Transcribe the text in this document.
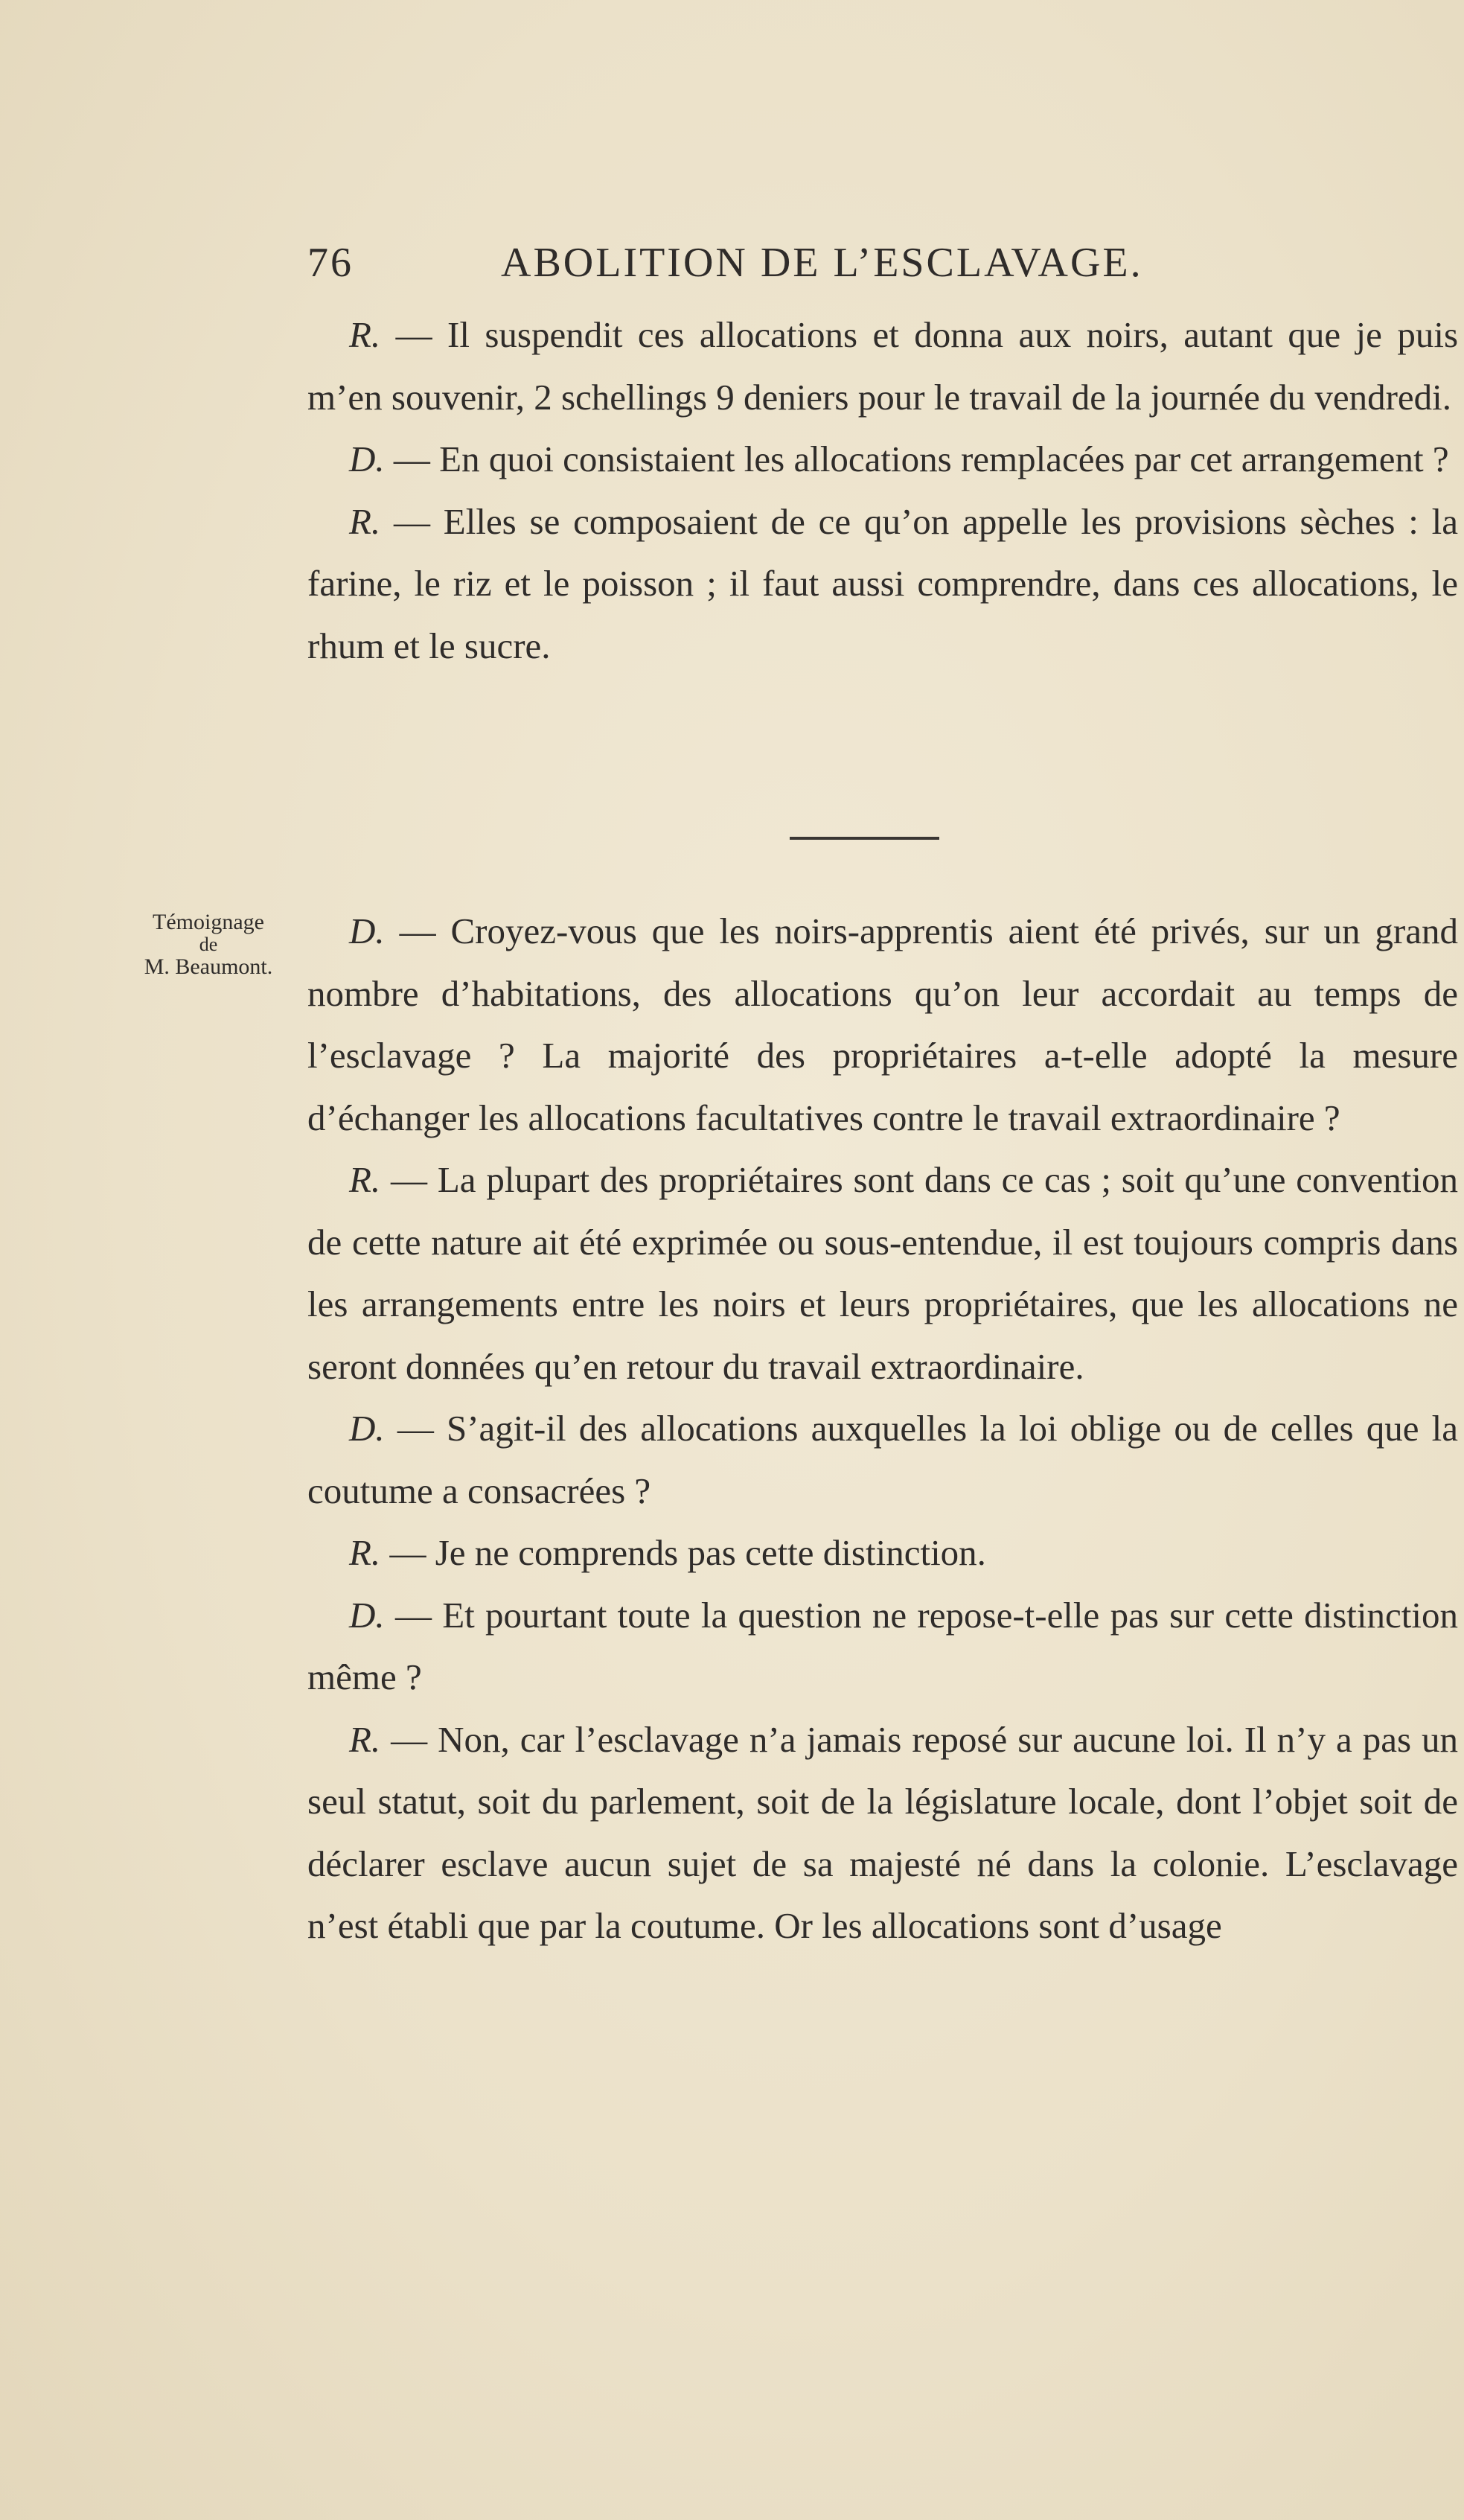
76	ABOLITION DE L’ESCLAVAGE.

R. — Il suspendit ces allocations et donna aux noirs, autant que je puis m’en souvenir, 2 schellings 9 deniers pour le travail de la journée du vendredi.

D. — En quoi consistaient les allocations remplacées par cet arrangement ?

R. — Elles se composaient de ce qu’on appelle les provisions sèches : la farine, le riz et le poisson ; il faut aussi comprendre, dans ces allocations, le rhum et le sucre.

Témoignage
de
M. Beaumont.

D. — Croyez-vous que les noirs-apprentis aient été privés, sur un grand nombre d’habitations, des allocations qu’on leur accordait au temps de l’esclavage ? La majorité des propriétaires a-t-elle adopté la mesure d’échanger les allocations facultatives contre le travail extraordinaire ?

R. — La plupart des propriétaires sont dans ce cas ; soit qu’une convention de cette nature ait été exprimée ou sous-entendue, il est toujours compris dans les arrangements entre les noirs et leurs propriétaires, que les allocations ne seront données qu’en retour du travail extraordinaire.

D. — S’agit-il des allocations auxquelles la loi oblige ou de celles que la coutume a consacrées ?

R. — Je ne comprends pas cette distinction.

D. — Et pourtant toute la question ne repose-t-elle pas sur cette distinction même ?

R. — Non, car l’esclavage n’a jamais reposé sur aucune loi. Il n’y a pas un seul statut, soit du parlement, soit de la législature locale, dont l’objet soit de déclarer esclave aucun sujet de sa majesté né dans la colonie. L’esclavage n’est établi que par la coutume. Or les allocations sont d’usage
